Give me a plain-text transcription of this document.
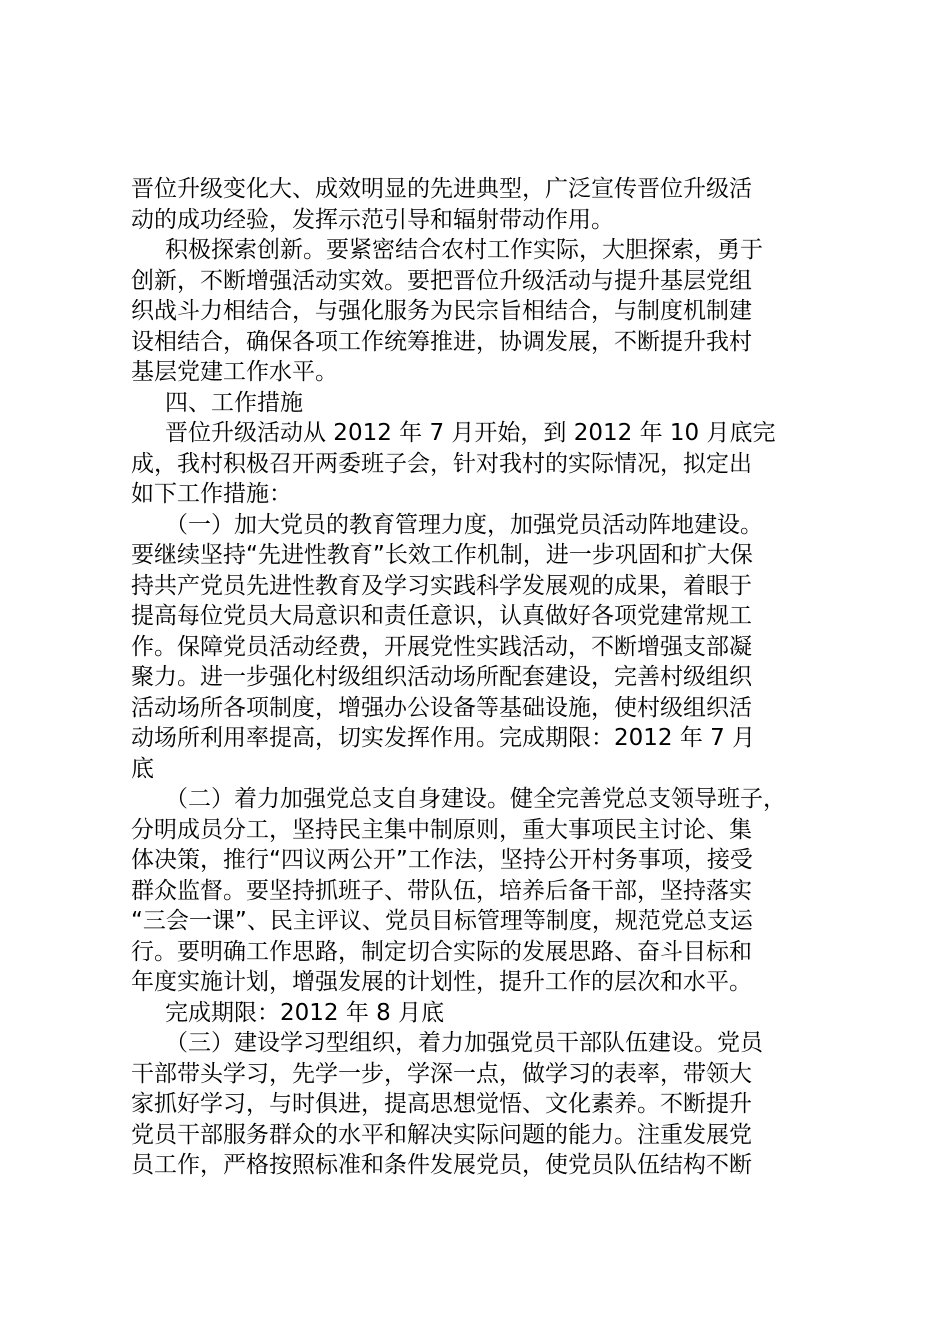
晋位升级变化大、成效明显的先进典型，广泛宣传晋位升级活
动的成功经验，发挥示范引导和辐射带动作用。
积极探索创新。要紧密结合农村工作实际，大胆探索，勇于
创新，不断增强活动实效。要把晋位升级活动与提升基层党组
织战斗力相结合，与强化服务为民宗旨相结合，与制度机制建
设相结合，确保各项工作统筹推进，协调发展，不断提升我村
基层党建工作水平。
四、工作措施
晋位升级活动从 2012 年 7 月开始，到 2012 年 10 月底完
成，我村积极召开两委班子会，针对我村的实际情况，拟定出
如下工作措施：
（一）加大党员的教育管理力度，加强党员活动阵地建设。
要继续坚持“先进性教育”长效工作机制，进一步巩固和扩大保
持共产党员先进性教育及学习实践科学发展观的成果，着眼于
提高每位党员大局意识和责任意识，认真做好各项党建常规工
作。保障党员活动经费，开展党性实践活动，不断增强支部凝
聚力。进一步强化村级组织活动场所配套建设，完善村级组织
活动场所各项制度，增强办公设备等基础设施，使村级组织活
动场所利用率提高，切实发挥作用。完成期限：2012 年 7 月
底
（二）着力加强党总支自身建设。健全完善党总支领导班子，
分明成员分工，坚持民主集中制原则，重大事项民主讨论、集
体决策，推行“四议两公开”工作法，坚持公开村务事项，接受
群众监督。要坚持抓班子、带队伍，培养后备干部，坚持落实
“三会一课”、民主评议、党员目标管理等制度，规范党总支运
行。要明确工作思路，制定切合实际的发展思路、奋斗目标和
年度实施计划，增强发展的计划性，提升工作的层次和水平。
完成期限：2012 年 8 月底
（三）建设学习型组织，着力加强党员干部队伍建设。党员
干部带头学习，先学一步，学深一点，做学习的表率，带领大
家抓好学习，与时俱进，提高思想觉悟、文化素养。不断提升
党员干部服务群众的水平和解决实际问题的能力。注重发展党
员工作，严格按照标准和条件发展党员，使党员队伍结构不断
